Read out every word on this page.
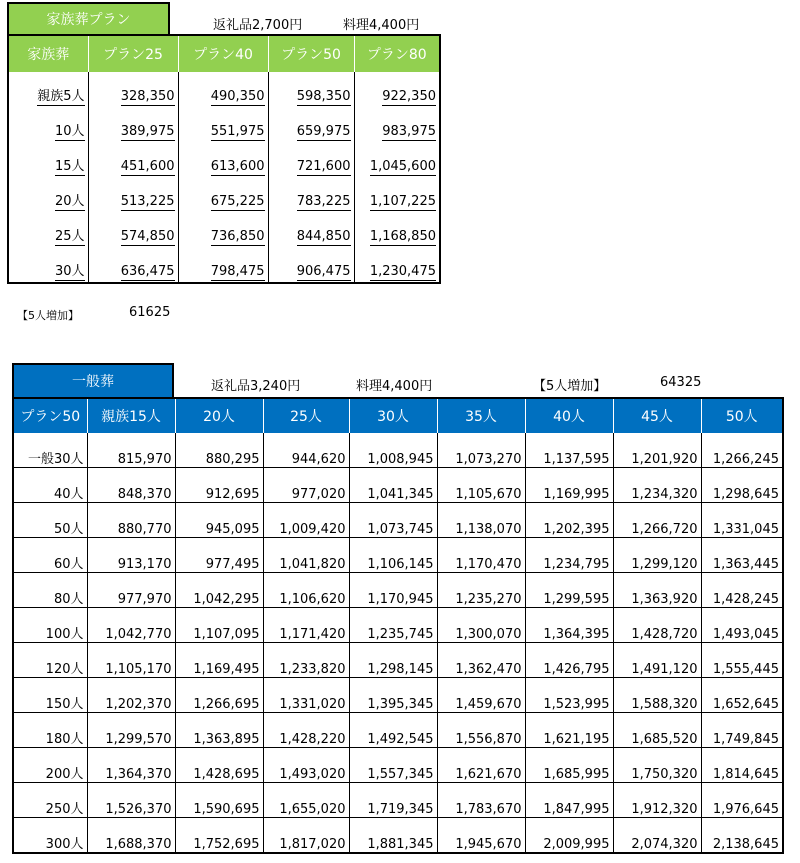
家族葬プラン	返礼品2,700円	料理4,400円
家族葬	プラン25	プラン40	プラン50	プラン80
親族5人	328,350	490,350	598,350	922,350
10人	389,975	551,975	659,975	983,975
15人	451,600	613,600	721,600	1,045,600
20人	513,225	675,225	783,225	1,107,225
25人	574,850	736,850	844,850	1,168,850
30人	636,475	798,475	906,475	1,230,475
【5人増加】	61625
一般葬	返礼品3,240円	料理4,400円	【5人増加】	64325
プラン50	親族15人	20人	25人	30人	35人	40人	45人	50人
一般30人	815,970	880,295	944,620	1,008,945	1,073,270	1,137,595	1,201,920	1,266,245
40人	848,370	912,695	977,020	1,041,345	1,105,670	1,169,995	1,234,320	1,298,645
50人	880,770	945,095	1,009,420	1,073,745	1,138,070	1,202,395	1,266,720	1,331,045
60人	913,170	977,495	1,041,820	1,106,145	1,170,470	1,234,795	1,299,120	1,363,445
80人	977,970	1,042,295	1,106,620	1,170,945	1,235,270	1,299,595	1,363,920	1,428,245
100人	1,042,770	1,107,095	1,171,420	1,235,745	1,300,070	1,364,395	1,428,720	1,493,045
120人	1,105,170	1,169,495	1,233,820	1,298,145	1,362,470	1,426,795	1,491,120	1,555,445
150人	1,202,370	1,266,695	1,331,020	1,395,345	1,459,670	1,523,995	1,588,320	1,652,645
180人	1,299,570	1,363,895	1,428,220	1,492,545	1,556,870	1,621,195	1,685,520	1,749,845
200人	1,364,370	1,428,695	1,493,020	1,557,345	1,621,670	1,685,995	1,750,320	1,814,645
250人	1,526,370	1,590,695	1,655,020	1,719,345	1,783,670	1,847,995	1,912,320	1,976,645
300人	1,688,370	1,752,695	1,817,020	1,881,345	1,945,670	2,009,995	2,074,320	2,138,645
